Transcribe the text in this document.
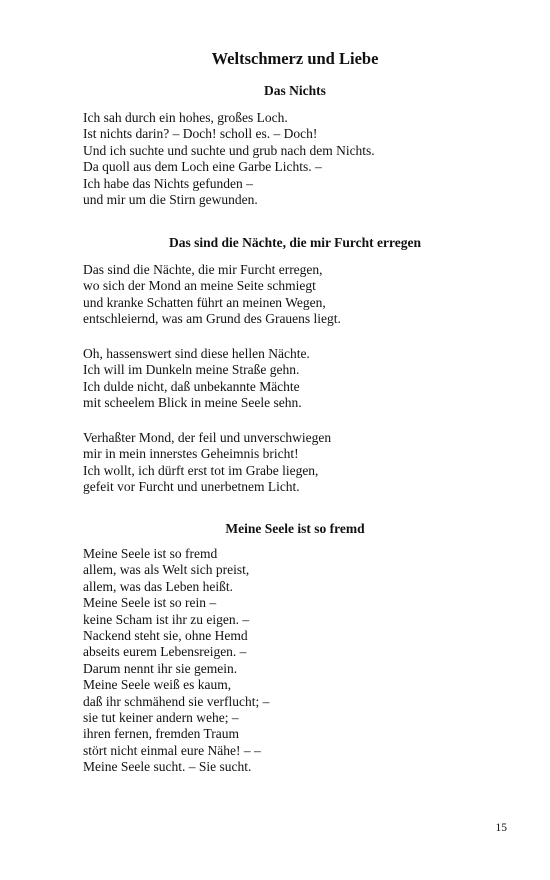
Weltschmerz und Liebe
Das Nichts
Ich sah durch ein hohes, großes Loch.
Ist nichts darin? – Doch! scholl es. – Doch!
Und ich suchte und suchte und grub nach dem Nichts.
Da quoll aus dem Loch eine Garbe Lichts. –
Ich habe das Nichts gefunden –
und mir um die Stirn gewunden.
Das sind die Nächte, die mir Furcht erregen
Das sind die Nächte, die mir Furcht erregen,
wo sich der Mond an meine Seite schmiegt
und kranke Schatten führt an meinen Wegen,
entschleiernd, was am Grund des Grauens liegt.
Oh, hassenswert sind diese hellen Nächte.
Ich will im Dunkeln meine Straße gehn.
Ich dulde nicht, daß unbekannte Mächte
mit scheelem Blick in meine Seele sehn.
Verhaßter Mond, der feil und unverschwiegen
mir in mein innerstes Geheimnis bricht!
Ich wollt, ich dürft erst tot im Grabe liegen,
gefeit vor Furcht und unerbetnem Licht.
Meine Seele ist so fremd
Meine Seele ist so fremd
allem, was als Welt sich preist,
allem, was das Leben heißt.
Meine Seele ist so rein –
keine Scham ist ihr zu eigen. –
Nackend steht sie, ohne Hemd
abseits eurem Lebensreigen. –
Darum nennt ihr sie gemein.
Meine Seele weiß es kaum,
daß ihr schmähend sie verflucht; –
sie tut keiner andern wehe; –
ihren fernen, fremden Traum
stört nicht einmal eure Nähe! – –
Meine Seele sucht. – Sie sucht.
15
